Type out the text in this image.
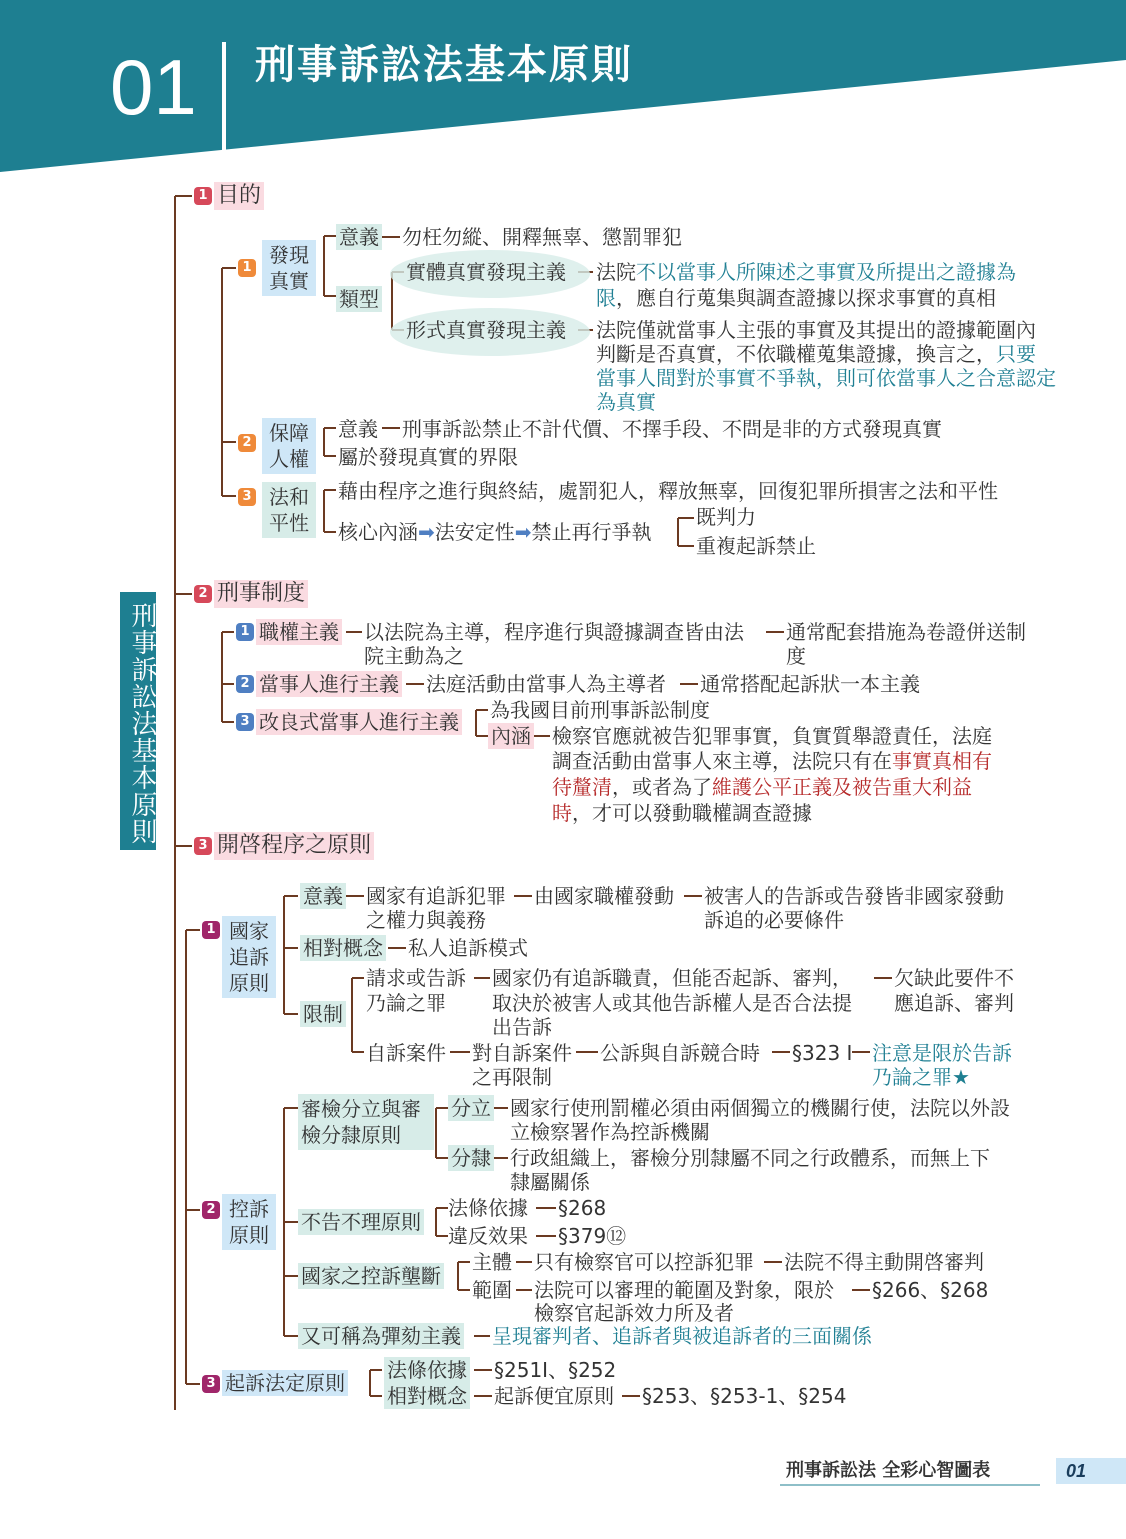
01 刑事訴訟法基本原則
刑事訴訟法基本原則
1 目的
1
發現
真實
意義 勿枉勿縱、開釋無辜、懲罰罪犯
類型
實體真實發現主義 法院不以當事人所陳述之事實及所提出之證據為
限，應自行蒐集與調查證據以探求事實的真相
形式真實發現主義 法院僅就當事人主張的事實及其提出的證據範圍內
判斷是否真實，不依職權蒐集證據，換言之，只要
當事人間對於事實不爭執，則可依當事人之合意認定
為真實
2 保障
人權
意義 刑事訴訟禁止不計代價、不擇手段、不問是非的方式發現真實
屬於發現真實的界限
3 法和
平性
藉由程序之進行與終結，處罰犯人，釋放無辜，回復犯罪所損害之法和平性
核心內涵➡法安定性➡禁止再行爭執
既判力
重複起訴禁止
2 刑事制度
1 職權主義 以法院為主導，程序進行與證據調查皆由法
院主動為之
通常配套措施為卷證併送制
度
2 當事人進行主義 法庭活動由當事人為主導者 通常搭配起訴狀一本主義
3 改良式當事人進行主義 為我國目前刑事訴訟制度
內涵 檢察官應就被告犯罪事實，負實質舉證責任，法庭
調查活動由當事人來主導，法院只有在事實真相有
待釐清，或者為了維護公平正義及被告重大利益
時，才可以發動職權調查證據
3 開啓程序之原則
1 國家
追訴
原則
意義 國家有追訴犯罪
之權力與義務
由國家職權發動 被害人的告訴或告發皆非國家發動
訴追的必要條件
相對概念 私人追訴模式
限制
請求或告訴
乃論之罪
國家仍有追訴職責，但能否起訴、審判，
取決於被害人或其他告訴權人是否合法提
出告訴
欠缺此要件不
應追訴、審判
自訴案件 對自訴案件
之再限制
公訴與自訴競合時 §323 I 注意是限於告訴
乃論之罪★
2 控訴
原則
審檢分立與審
檢分隸原則
分立 國家行使刑罰權必須由兩個獨立的機關行使，法院以外設
立檢察署作為控訴機關
分隸 行政組織上，審檢分別隸屬不同之行政體系，而無上下
隸屬關係
不告不理原則
法條依據 §268
違反效果 §379⑫
國家之控訴壟斷
主體 只有檢察官可以控訴犯罪 法院不得主動開啓審判
範圍 法院可以審理的範圍及對象，限於
檢察官起訴效力所及者
§266、§268
又可稱為彈劾主義 呈現審判者、追訴者與被追訴者的三面關係
3 起訴法定原則
法條依據 §251I、§252
相對概念 起訴便宜原則 §253、§253-1、§254
刑事訴訟法 全彩心智圖表	01
